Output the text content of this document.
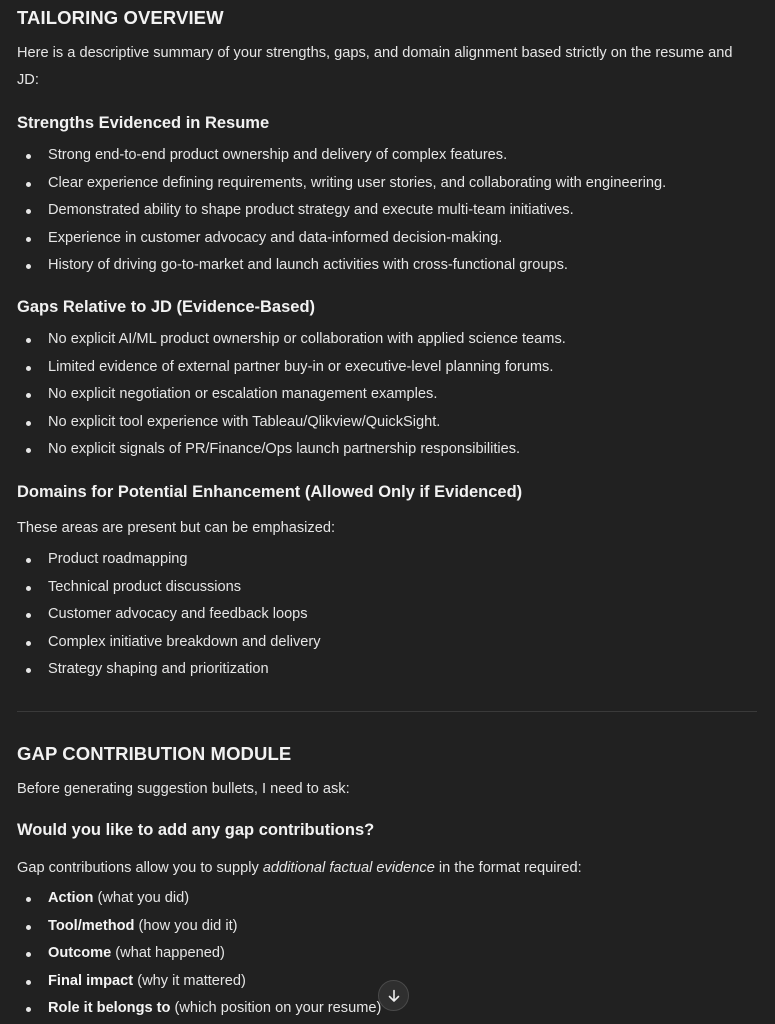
TAILORING OVERVIEW

Here is a descriptive summary of your strengths, gaps, and domain alignment based strictly on the resume and JD:

Strengths Evidenced in Resume
Strong end-to-end product ownership and delivery of complex features.
Clear experience defining requirements, writing user stories, and collaborating with engineering.
Demonstrated ability to shape product strategy and execute multi-team initiatives.
Experience in customer advocacy and data-informed decision-making.
History of driving go-to-market and launch activities with cross-functional groups.
Gaps Relative to JD (Evidence-Based)
No explicit AI/ML product ownership or collaboration with applied science teams.
Limited evidence of external partner buy-in or executive-level planning forums.
No explicit negotiation or escalation management examples.
No explicit tool experience with Tableau/Qlikview/QuickSight.
No explicit signals of PR/Finance/Ops launch partnership responsibilities.
Domains for Potential Enhancement (Allowed Only if Evidenced)

These areas are present but can be emphasized:

Product roadmapping
Technical product discussions
Customer advocacy and feedback loops
Complex initiative breakdown and delivery
Strategy shaping and prioritization
GAP CONTRIBUTION MODULE

Before generating suggestion bullets, I need to ask:

Would you like to add any gap contributions?

Gap contributions allow you to supply additional factual evidence in the format required:

Action (what you did)
Tool/method (how you did it)
Outcome (what happened)
Final impact (why it mattered)
Role it belongs to (which position on your resume)
